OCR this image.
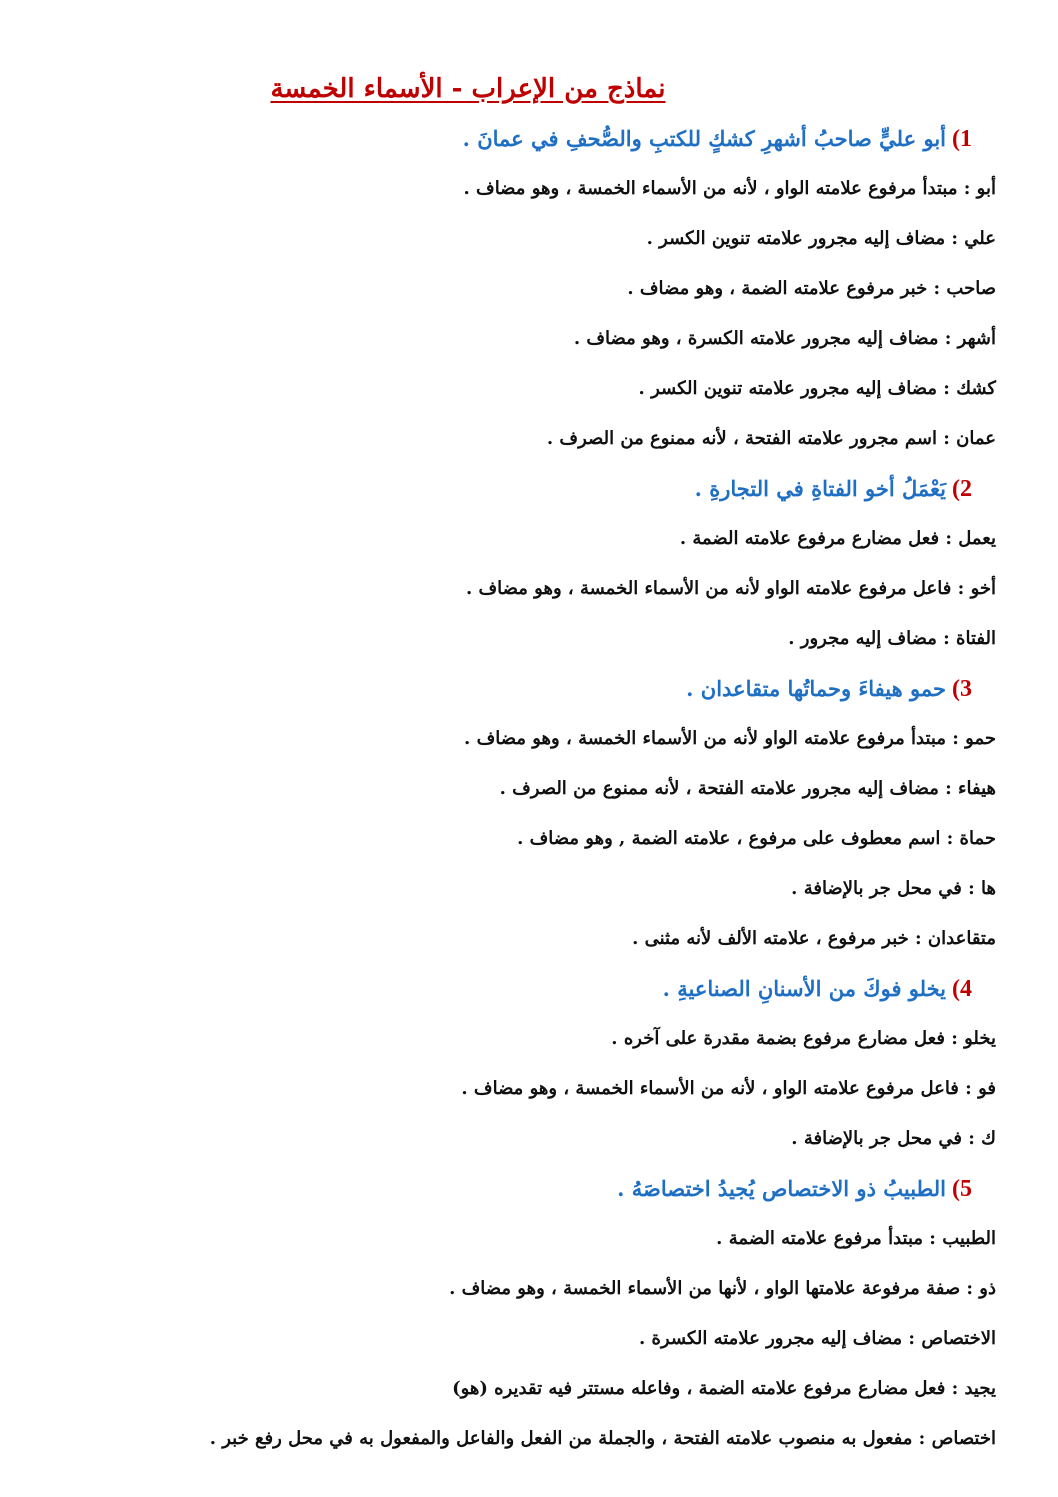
نماذج من الإعراب - الأسماء الخمسة
1)أبو عليٍّ صاحبُ أشهرِ كشكٍ للكتبِ والصُّحفِ في عمانَ .
أبو : مبتدأ مرفوع علامته الواو ، لأنه من الأسماء الخمسة ، وهو مضاف .
علي : مضاف إليه مجرور علامته تنوين الكسر .
صاحب : خبر مرفوع علامته الضمة ، وهو مضاف .
أشهر : مضاف إليه مجرور علامته الكسرة ، وهو مضاف .
كشك : مضاف إليه مجرور علامته تنوين الكسر .
عمان : اسم مجرور علامته الفتحة ، لأنه ممنوع من الصرف .
2)يَعْمَلُ أخو الفتاةِ في التجارةِ .
يعمل : فعل مضارع مرفوع علامته الضمة .
أخو : فاعل مرفوع علامته الواو لأنه من الأسماء الخمسة ، وهو مضاف .
الفتاة : مضاف إليه مجرور .
3)حمو هيفاءَ وحماتُها متقاعدان .
حمو : مبتدأ مرفوع علامته الواو لأنه من الأسماء الخمسة ، وهو مضاف .
هيفاء : مضاف إليه مجرور علامته الفتحة ، لأنه ممنوع من الصرف .
حماة : اسم معطوف على مرفوع ، علامته الضمة , وهو مضاف .
ها : في محل جر بالإضافة .
متقاعدان : خبر مرفوع ، علامته الألف لأنه مثنى .
4)يخلو فوكَ من الأسنانِ الصناعيةِ .
يخلو : فعل مضارع مرفوع بضمة مقدرة على آخره .
فو : فاعل مرفوع علامته الواو ، لأنه من الأسماء الخمسة ، وهو مضاف .
ك : في محل جر بالإضافة .
5)الطبيبُ ذو الاختصاص يُجيدُ اختصاصَهُ .
الطبيب : مبتدأ مرفوع علامته الضمة .
ذو : صفة مرفوعة علامتها الواو ، لأنها من الأسماء الخمسة ، وهو مضاف .
الاختصاص : مضاف إليه مجرور علامته الكسرة .
يجيد : فعل مضارع مرفوع علامته الضمة ، وفاعله مستتر فيه تقديره (هو)
اختصاص : مفعول به منصوب علامته الفتحة ، والجملة من الفعل والفاعل والمفعول به في محل رفع خبر .
